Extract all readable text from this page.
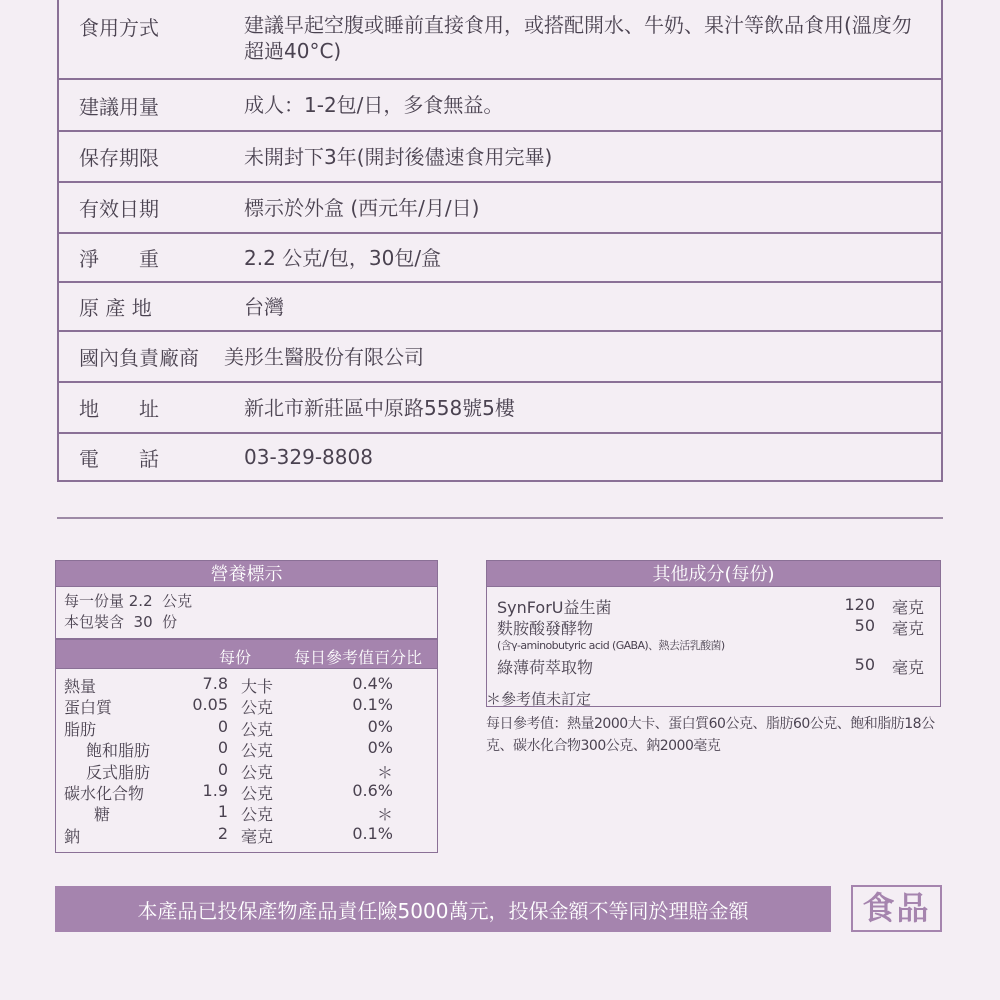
食用方式	建議早起空腹或睡前直接食用，或搭配開水、牛奶、果汁等飲品食用(溫度勿超過40°C)
建議用量	成人：1-2包/日，多食無益。
保存期限	未開封下3年(開封後儘速食用完畢)
有效日期	標示於外盒 (西元年/月/日)
淨　　重	2.2 公克/包，30包/盒
原 產 地	台灣
國內負責廠商	美彤生醫股份有限公司
地　　址	新北市新莊區中原路558號5樓
電　　話	03-329-8808
營養標示
每一份量 2.2  公克
本包裝含  30  份
每份	每日參考值百分比
熱量	7.8 大卡	0.4%
蛋白質	0.05 公克	0.1%
脂肪	0 公克	0%
飽和脂肪	0 公克	0%
反式脂肪	0 公克	＊
碳水化合物	1.9 公克	0.6%
糖	1 公克	＊
鈉	2 毫克	0.1%
其他成分(每份)
SynForU益生菌	120 毫克
麩胺酸發酵物	50 毫克
(含γ-aminobutyric acid (GABA)、熱去活乳酸菌)
綠薄荷萃取物	50 毫克
＊參考值未訂定
每日參考值：熱量2000大卡、蛋白質60公克、脂肪60公克、飽和脂肪18公克、碳水化合物300公克、鈉2000毫克
本產品已投保產物產品責任險5000萬元，投保金額不等同於理賠金額	食品
